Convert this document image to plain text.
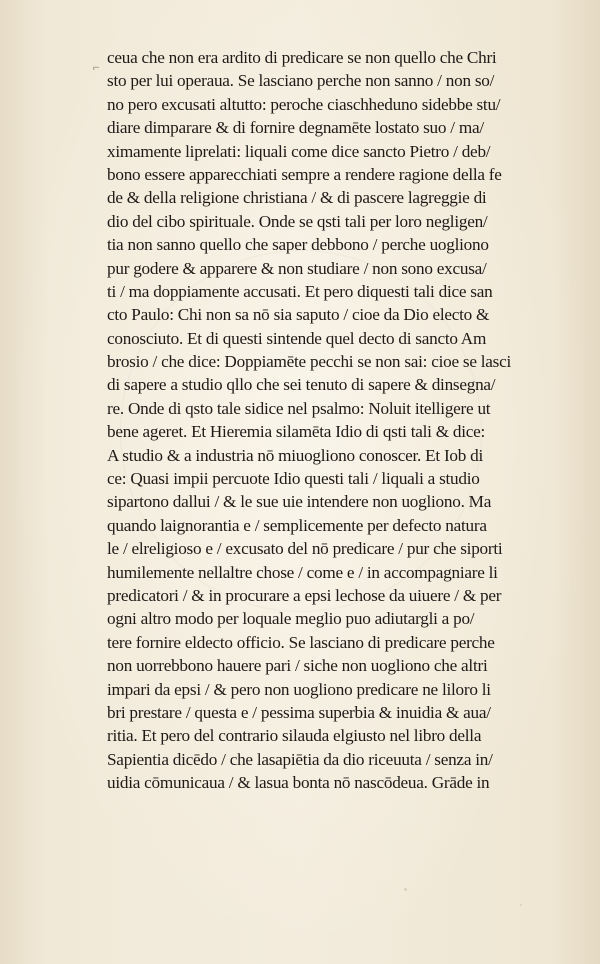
⌐ ceua che non era ardito di predicare se non quello che Chri
sto per lui operaua. Se lasciano perche non sanno / non so/
no pero excusati altutto: peroche ciaschheduno sidebbe stu/
diare dimparare & di fornire degnamēte lostato suo / ma/
ximamente liprelati: liquali come dice sancto Pietro / deb/
bono essere apparecchiati sempre a rendere ragione della fe
de & della religione christiana / & di pascere lagreggie di
dio del cibo spirituale. Onde se qsti tali per loro negligen/
tia non sanno quello che saper debbono / perche uogliono
pur godere & apparere & non studiare / non sono excusa/
ti / ma doppiamente accusati. Et pero diquesti tali dice san
cto Paulo: Chi non sa nō sia saputo / cioe da Dio electo &
conosciuto. Et di questi sintende quel decto di sancto Am
brosio / che dice: Doppiamēte pecchi se non sai: cioe se lasci
di sapere a studio qllo che sei tenuto di sapere & dinsegna/
re. Onde di qsto tale sidice nel psalmo: Noluit itelligere ut
bene ageret. Et Hieremia silamēta Idio di qsti tali & dice:
A studio & a industria nō miuogliono conoscer. Et Iob di
ce: Quasi impii percuote Idio questi tali / liquali a studio
sipartono dallui / & le sue uie intendere non uogliono. Ma
quando laignorantia e / semplicemente per defecto natura
le / elreligioso e / excusato del nō predicare / pur che siporti
humilemente nellaltre chose / come e / in accompagniare li
predicatori / & in procurare a epsi lechose da uiuere / & per
ogni altro modo per loquale meglio puo adiutargli a po/
tere fornire eldecto officio. Se lasciano di predicare perche
non uorrebbono hauere pari / siche non uogliono che altri
impari da epsi / & pero non uogliono predicare ne liloro li
bri prestare / questa e / pessima superbia & inuidia & aua/
ritia. Et pero del contrario silauda elgiusto nel libro della
Sapientia dicēdo / che lasapiētia da dio riceuuta / senza in/
uidia cōmunicaua / & lasua bonta nō nascōdeua. Grāde in
